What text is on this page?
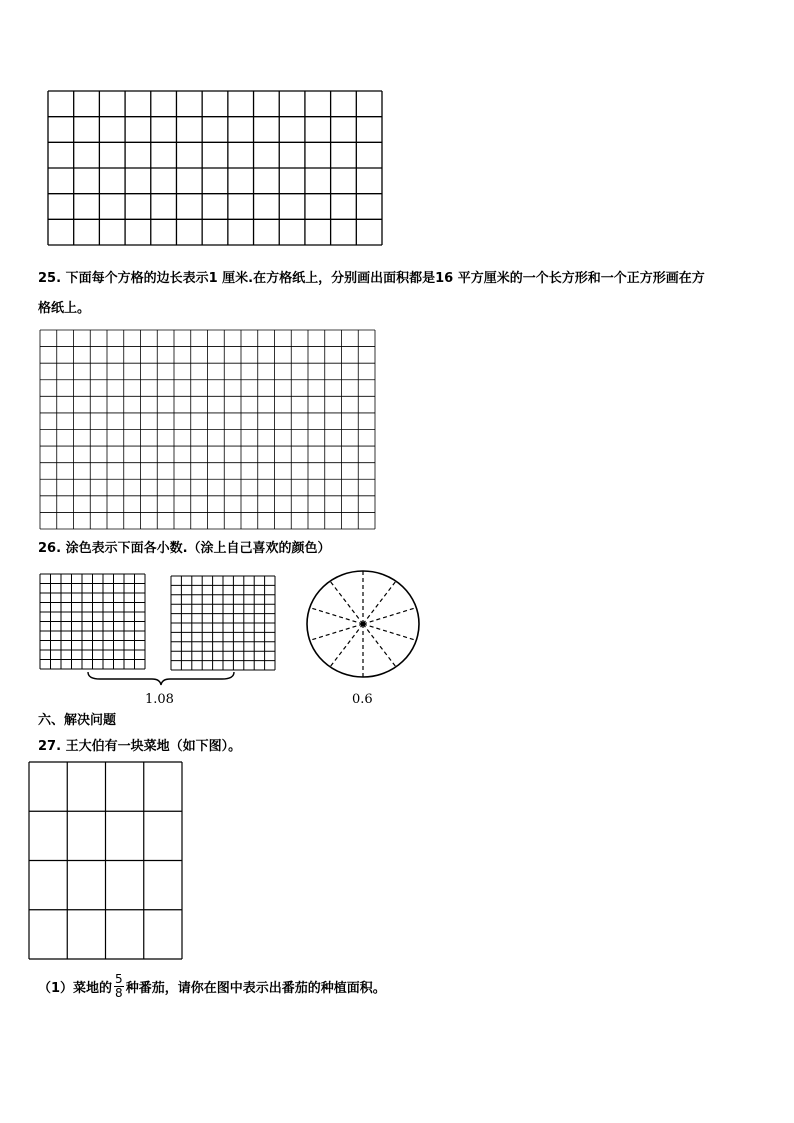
25. 下面每个方格的边长表示1 厘米.在方格纸上，分别画出面积都是16 平方厘米的一个长方形和一个正方形画在方
格纸上。
26. 涂色表示下面各小数.（涂上自己喜欢的颜色）
1.08	0.6
六、解决问题
27. 王大伯有一块菜地（如下图）。
（1）菜地的 $\frac{5}{8}$ 种番茄，请你在图中表示出番茄的种植面积。
